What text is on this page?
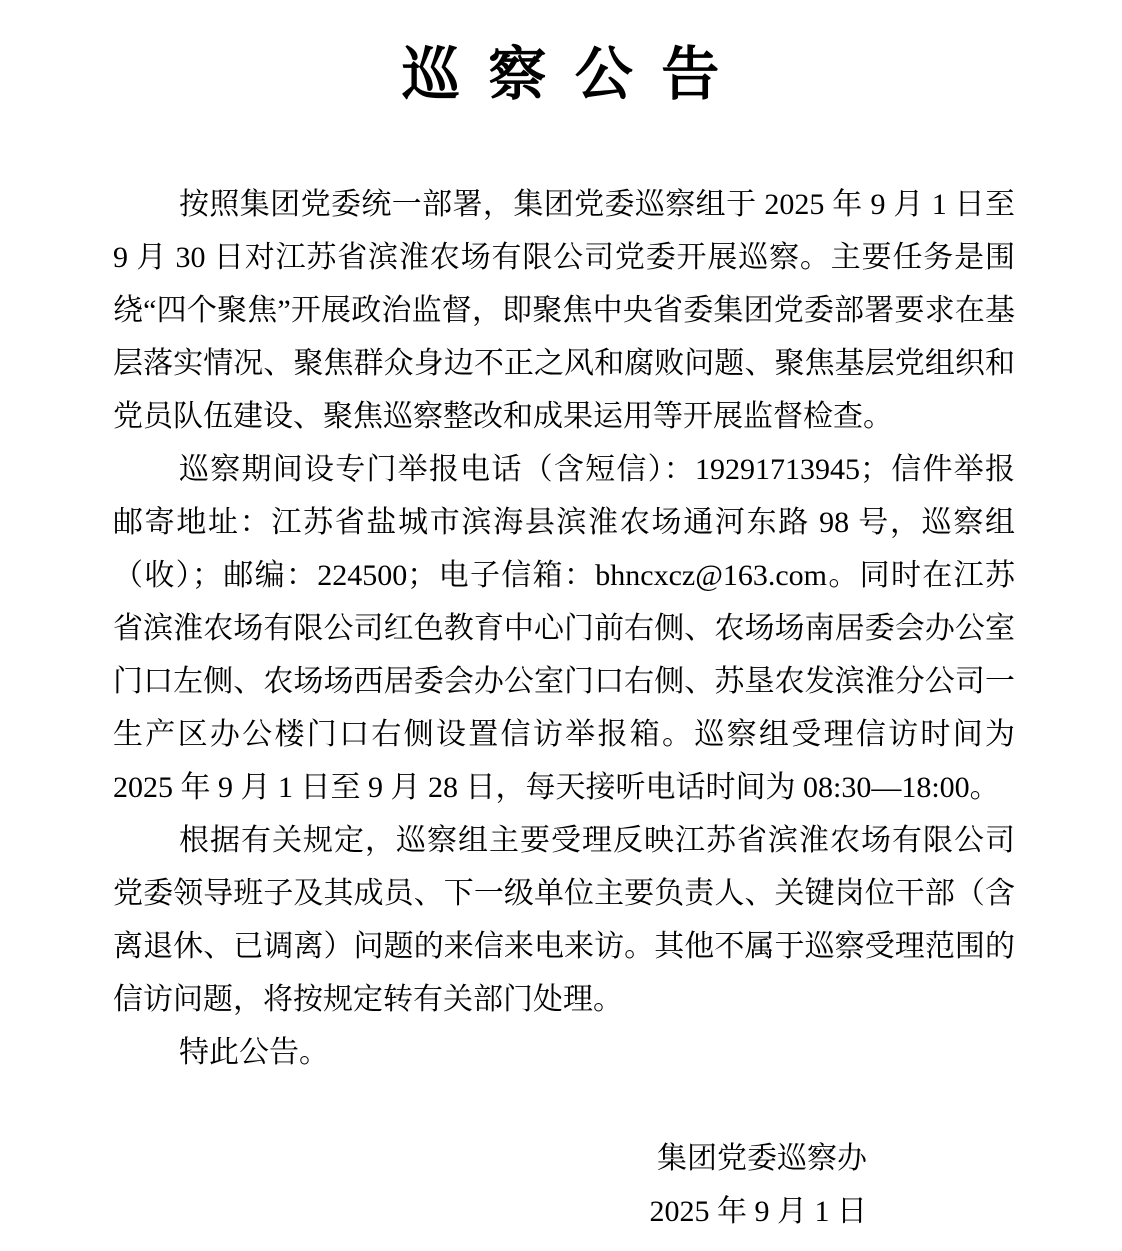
巡 察 公 告

按照集团党委统一部署，集团党委巡察组于 2025 年 9 月 1 日至 9 月 30 日对江苏省滨淮农场有限公司党委开展巡察。主要任务是围绕“四个聚焦”开展政治监督，即聚焦中央省委集团党委部署要求在基层落实情况、聚焦群众身边不正之风和腐败问题、聚焦基层党组织和党员队伍建设、聚焦巡察整改和成果运用等开展监督检查。

巡察期间设专门举报电话（含短信）：19291713945；信件举报邮寄地址：江苏省盐城市滨海县滨淮农场通河东路 98 号，巡察组（收）；邮编：224500；电子信箱：bhncxcz@163.com。同时在江苏省滨淮农场有限公司红色教育中心门前右侧、农场场南居委会办公室门口左侧、农场场西居委会办公室门口右侧、苏垦农发滨淮分公司一生产区办公楼门口右侧设置信访举报箱。巡察组受理信访时间为 2025 年 9 月 1 日至 9 月 28 日，每天接听电话时间为 08:30—18:00。

根据有关规定，巡察组主要受理反映江苏省滨淮农场有限公司党委领导班子及其成员、下一级单位主要负责人、关键岗位干部（含离退休、已调离）问题的来信来电来访。其他不属于巡察受理范围的信访问题，将按规定转有关部门处理。

特此公告。

集团党委巡察办

2025 年 9 月 1 日
